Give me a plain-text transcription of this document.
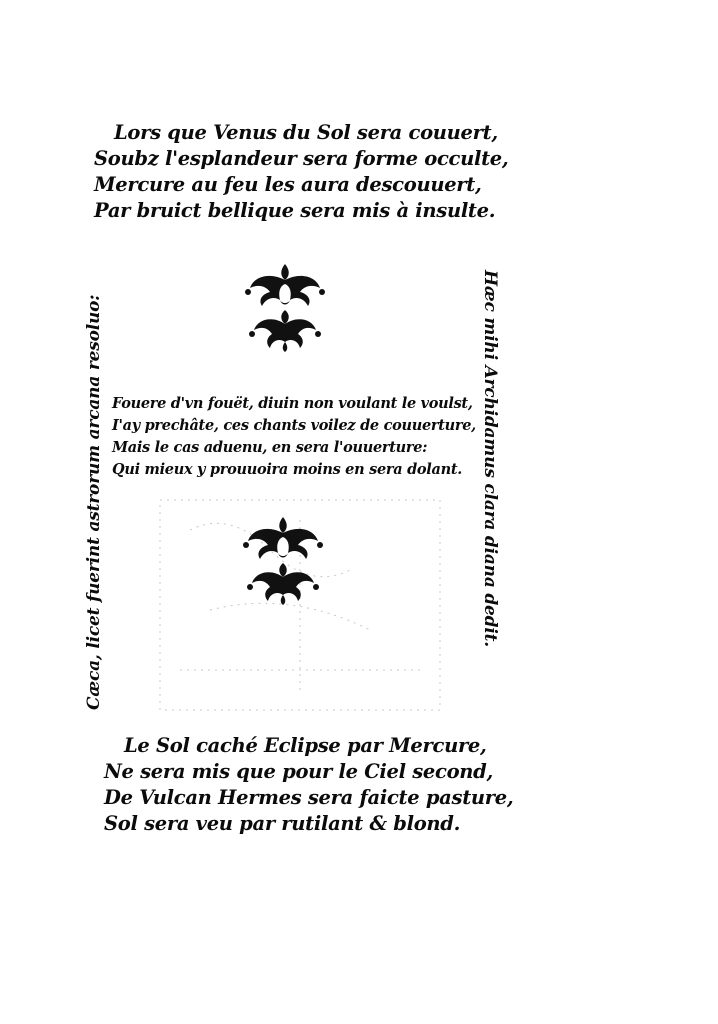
Lors que Venus du Sol sera couuert,
Soubz l'esplandeur sera forme occulte,
Mercure au feu les aura descouuert,
Par bruict bellique sera mis à insulte.
Cæca, licet fuerint astrorum arcana resoluo:	Hæc mihi Archidamus clara diana dedit.
Fouere d'vn fouët, diuin non voulant le voulst,
I'ay prechâte, ces chants voilez de couuerture,
Mais le cas aduenu, en sera l'ouuerture:
Qui mieux y prouuoira moins en sera dolant.
Le Sol caché Eclipse par Mercure,
Ne sera mis que pour le Ciel second,
De Vulcan Hermes sera faicte pasture,
Sol sera veu par rutilant & blond.
